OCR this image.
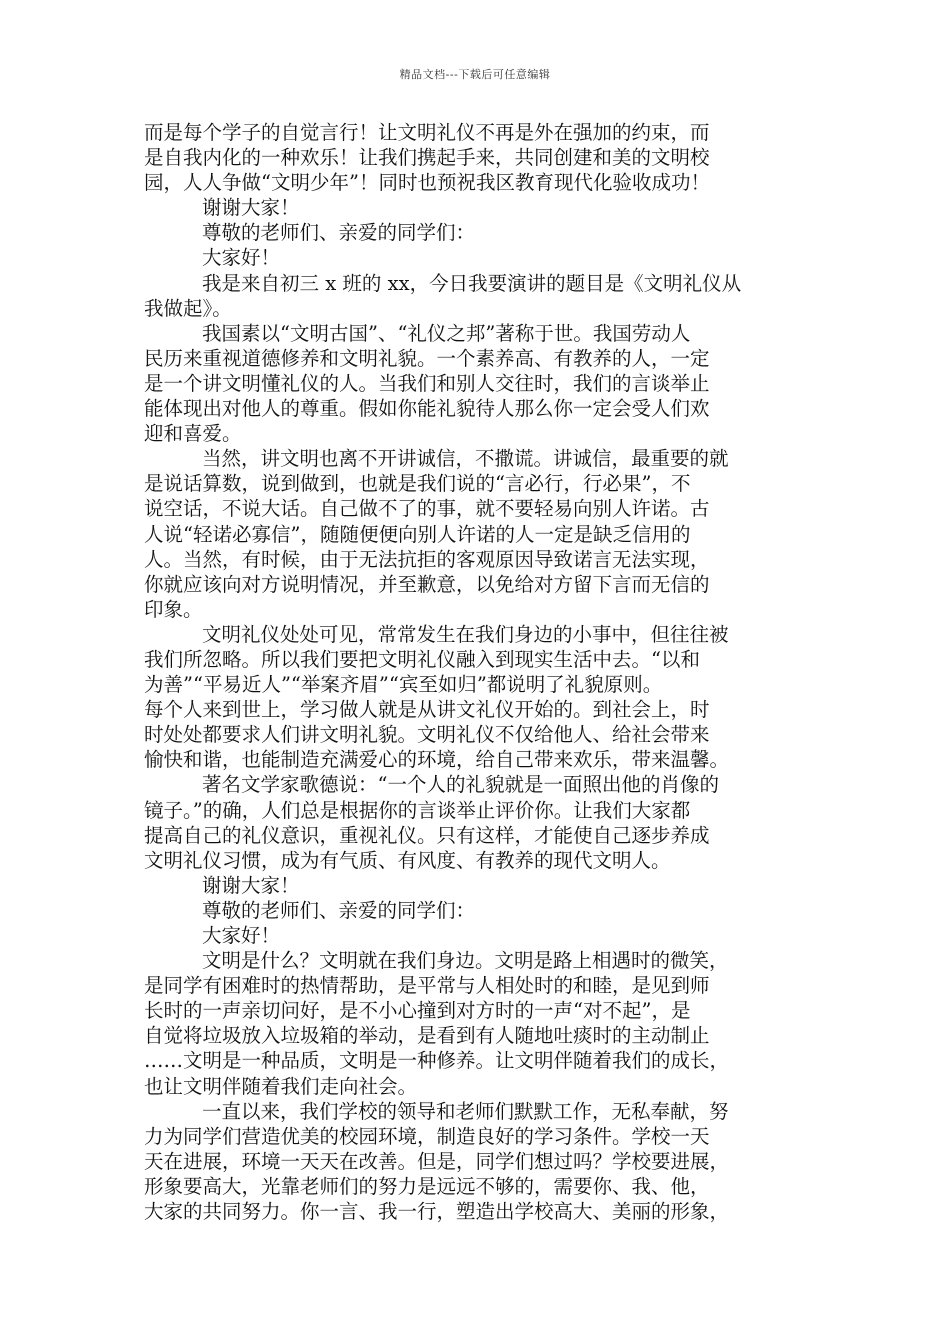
精品文档---下载后可任意编辑
而是每个学子的自觉言行！让文明礼仪不再是外在强加的约束，而
是自我内化的一种欢乐！让我们携起手来，共同创建和美的文明校
园，人人争做“文明少年”！同时也预祝我区教育现代化验收成功！
谢谢大家！
尊敬的老师们、亲爱的同学们：
大家好！
我是来自初三 x 班的 xx，今日我要演讲的题目是《文明礼仪从
我做起》。
我国素以“文明古国”、“礼仪之邦”著称于世。我国劳动人
民历来重视道德修养和文明礼貌。一个素养高、有教养的人，一定
是一个讲文明懂礼仪的人。当我们和别人交往时，我们的言谈举止
能体现出对他人的尊重。假如你能礼貌待人那么你一定会受人们欢
迎和喜爱。
当然，讲文明也离不开讲诚信，不撒谎。讲诚信，最重要的就
是说话算数，说到做到，也就是我们说的“言必行，行必果”，不
说空话，不说大话。自己做不了的事，就不要轻易向别人许诺。古
人说“轻诺必寡信”，随随便便向别人许诺的人一定是缺乏信用的
人。当然，有时候，由于无法抗拒的客观原因导致诺言无法实现，
你就应该向对方说明情况，并至歉意，以免给对方留下言而无信的
印象。
文明礼仪处处可见，常常发生在我们身边的小事中，但往往被
我们所忽略。所以我们要把文明礼仪融入到现实生活中去。“以和
为善”“平易近人”“举案齐眉”“宾至如归”都说明了礼貌原则。
每个人来到世上，学习做人就是从讲文礼仪开始的。到社会上，时
时处处都要求人们讲文明礼貌。文明礼仪不仅给他人、给社会带来
愉快和谐，也能制造充满爱心的环境，给自己带来欢乐，带来温馨。
著名文学家歌德说：“一个人的礼貌就是一面照出他的肖像的
镜子。”的确，人们总是根据你的言谈举止评价你。让我们大家都
提高自己的礼仪意识，重视礼仪。只有这样，才能使自己逐步养成
文明礼仪习惯，成为有气质、有风度、有教养的现代文明人。
谢谢大家！
尊敬的老师们、亲爱的同学们：
大家好！
文明是什么？文明就在我们身边。文明是路上相遇时的微笑，
是同学有困难时的热情帮助，是平常与人相处时的和睦，是见到师
长时的一声亲切问好，是不小心撞到对方时的一声“对不起”，是
自觉将垃圾放入垃圾箱的举动，是看到有人随地吐痰时的主动制止
……文明是一种品质，文明是一种修养。让文明伴随着我们的成长，
也让文明伴随着我们走向社会。
一直以来，我们学校的领导和老师们默默工作，无私奉献，努
力为同学们营造优美的校园环境，制造良好的学习条件。学校一天
天在进展，环境一天天在改善。但是，同学们想过吗？学校要进展，
形象要高大，光靠老师们的努力是远远不够的，需要你、我、他，
大家的共同努力。你一言、我一行，塑造出学校高大、美丽的形象，
